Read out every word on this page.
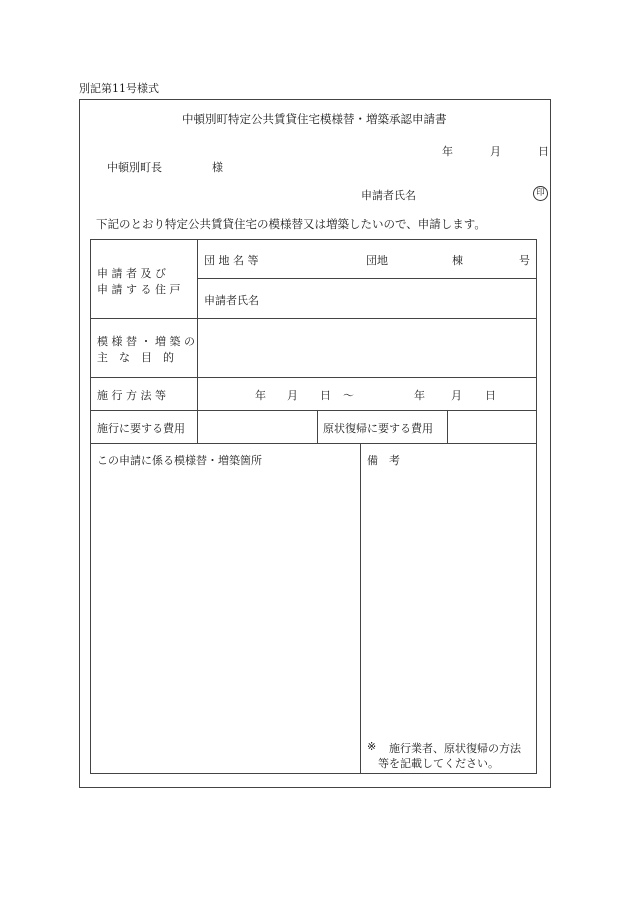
別記第11号様式
中頓別町特定公共賃貸住宅模様替・増築承認申請書
年	月	日
中頓別町長	様
申請者氏名	印
下記のとおり特定公共賃貸住宅の模様替又は増築したいので、申請します。
申 請 者 及 び
申 請 す る 住 戸
団 地 名 等	団地	棟	号
申請者氏名
模 様 替 ・ 増 築 の
主　な　目　的
施 行 方 法 等	年 月 日 〜	年 月 日
施行に要する費用	原状復帰に要する費用
この申請に係る模様替・増築箇所	備　考
※ 施行業者、原状復帰の方法
等を記載してください。
